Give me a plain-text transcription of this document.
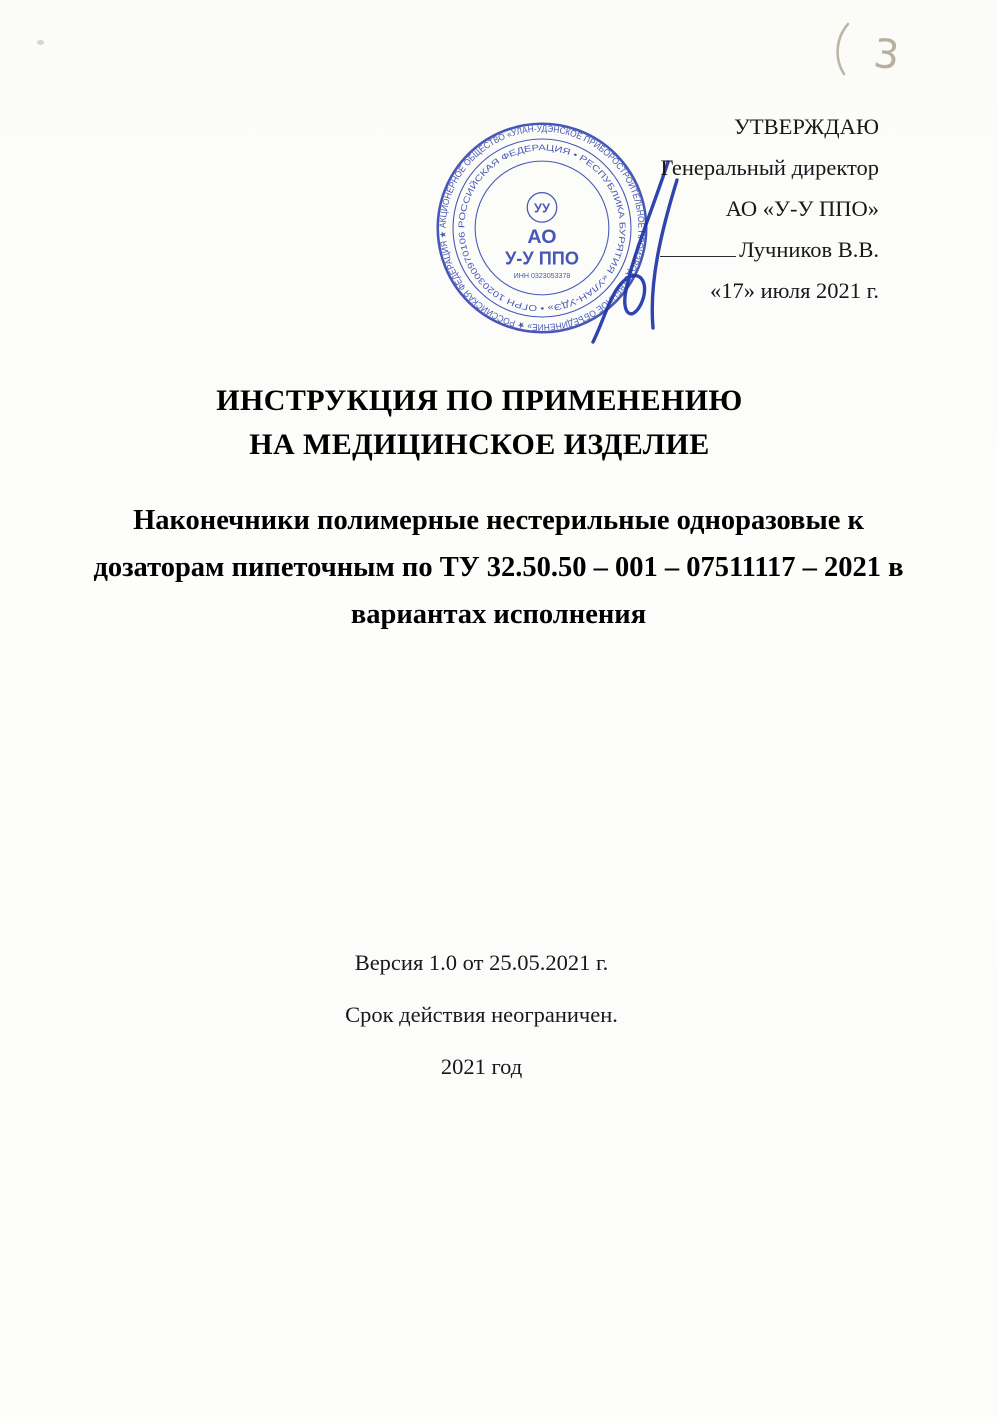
3
АКЦИОНЕРНОЕ ОБЩЕСТВО «УЛАН-УДЭНСКОЕ ПРИБОРОСТРОИТЕЛЬНОЕ ПРОИЗВОДСТВЕННОЕ ОБЪЕДИНЕНИЕ» ★ РОССИЙСКАЯ ФЕДЕРАЦИЯ ★
РОССИЙСКАЯ ФЕДЕРАЦИЯ • РЕСПУБЛИКА БУРЯТИЯ «УЛАН-УДЭ» • ОГРН 1020300970106
УУ
АО
У-У ППО
ИНН 0323053378
УТВЕРЖДАЮ
Генеральный директор
АО «У-У ППО»
Лучников В.В.
«17» июля 2021 г.
ИНСТРУКЦИЯ ПО ПРИМЕНЕНИЮ
НА МЕДИЦИНСКОЕ ИЗДЕЛИЕ

Наконечники полимерные нестерильные одноразовые к дозаторам пипеточным по ТУ 32.50.50 – 001 – 07511117 – 2021 в вариантах исполнения

Версия 1.0 от 25.05.2021 г.

Срок действия неограничен.

2021 год
